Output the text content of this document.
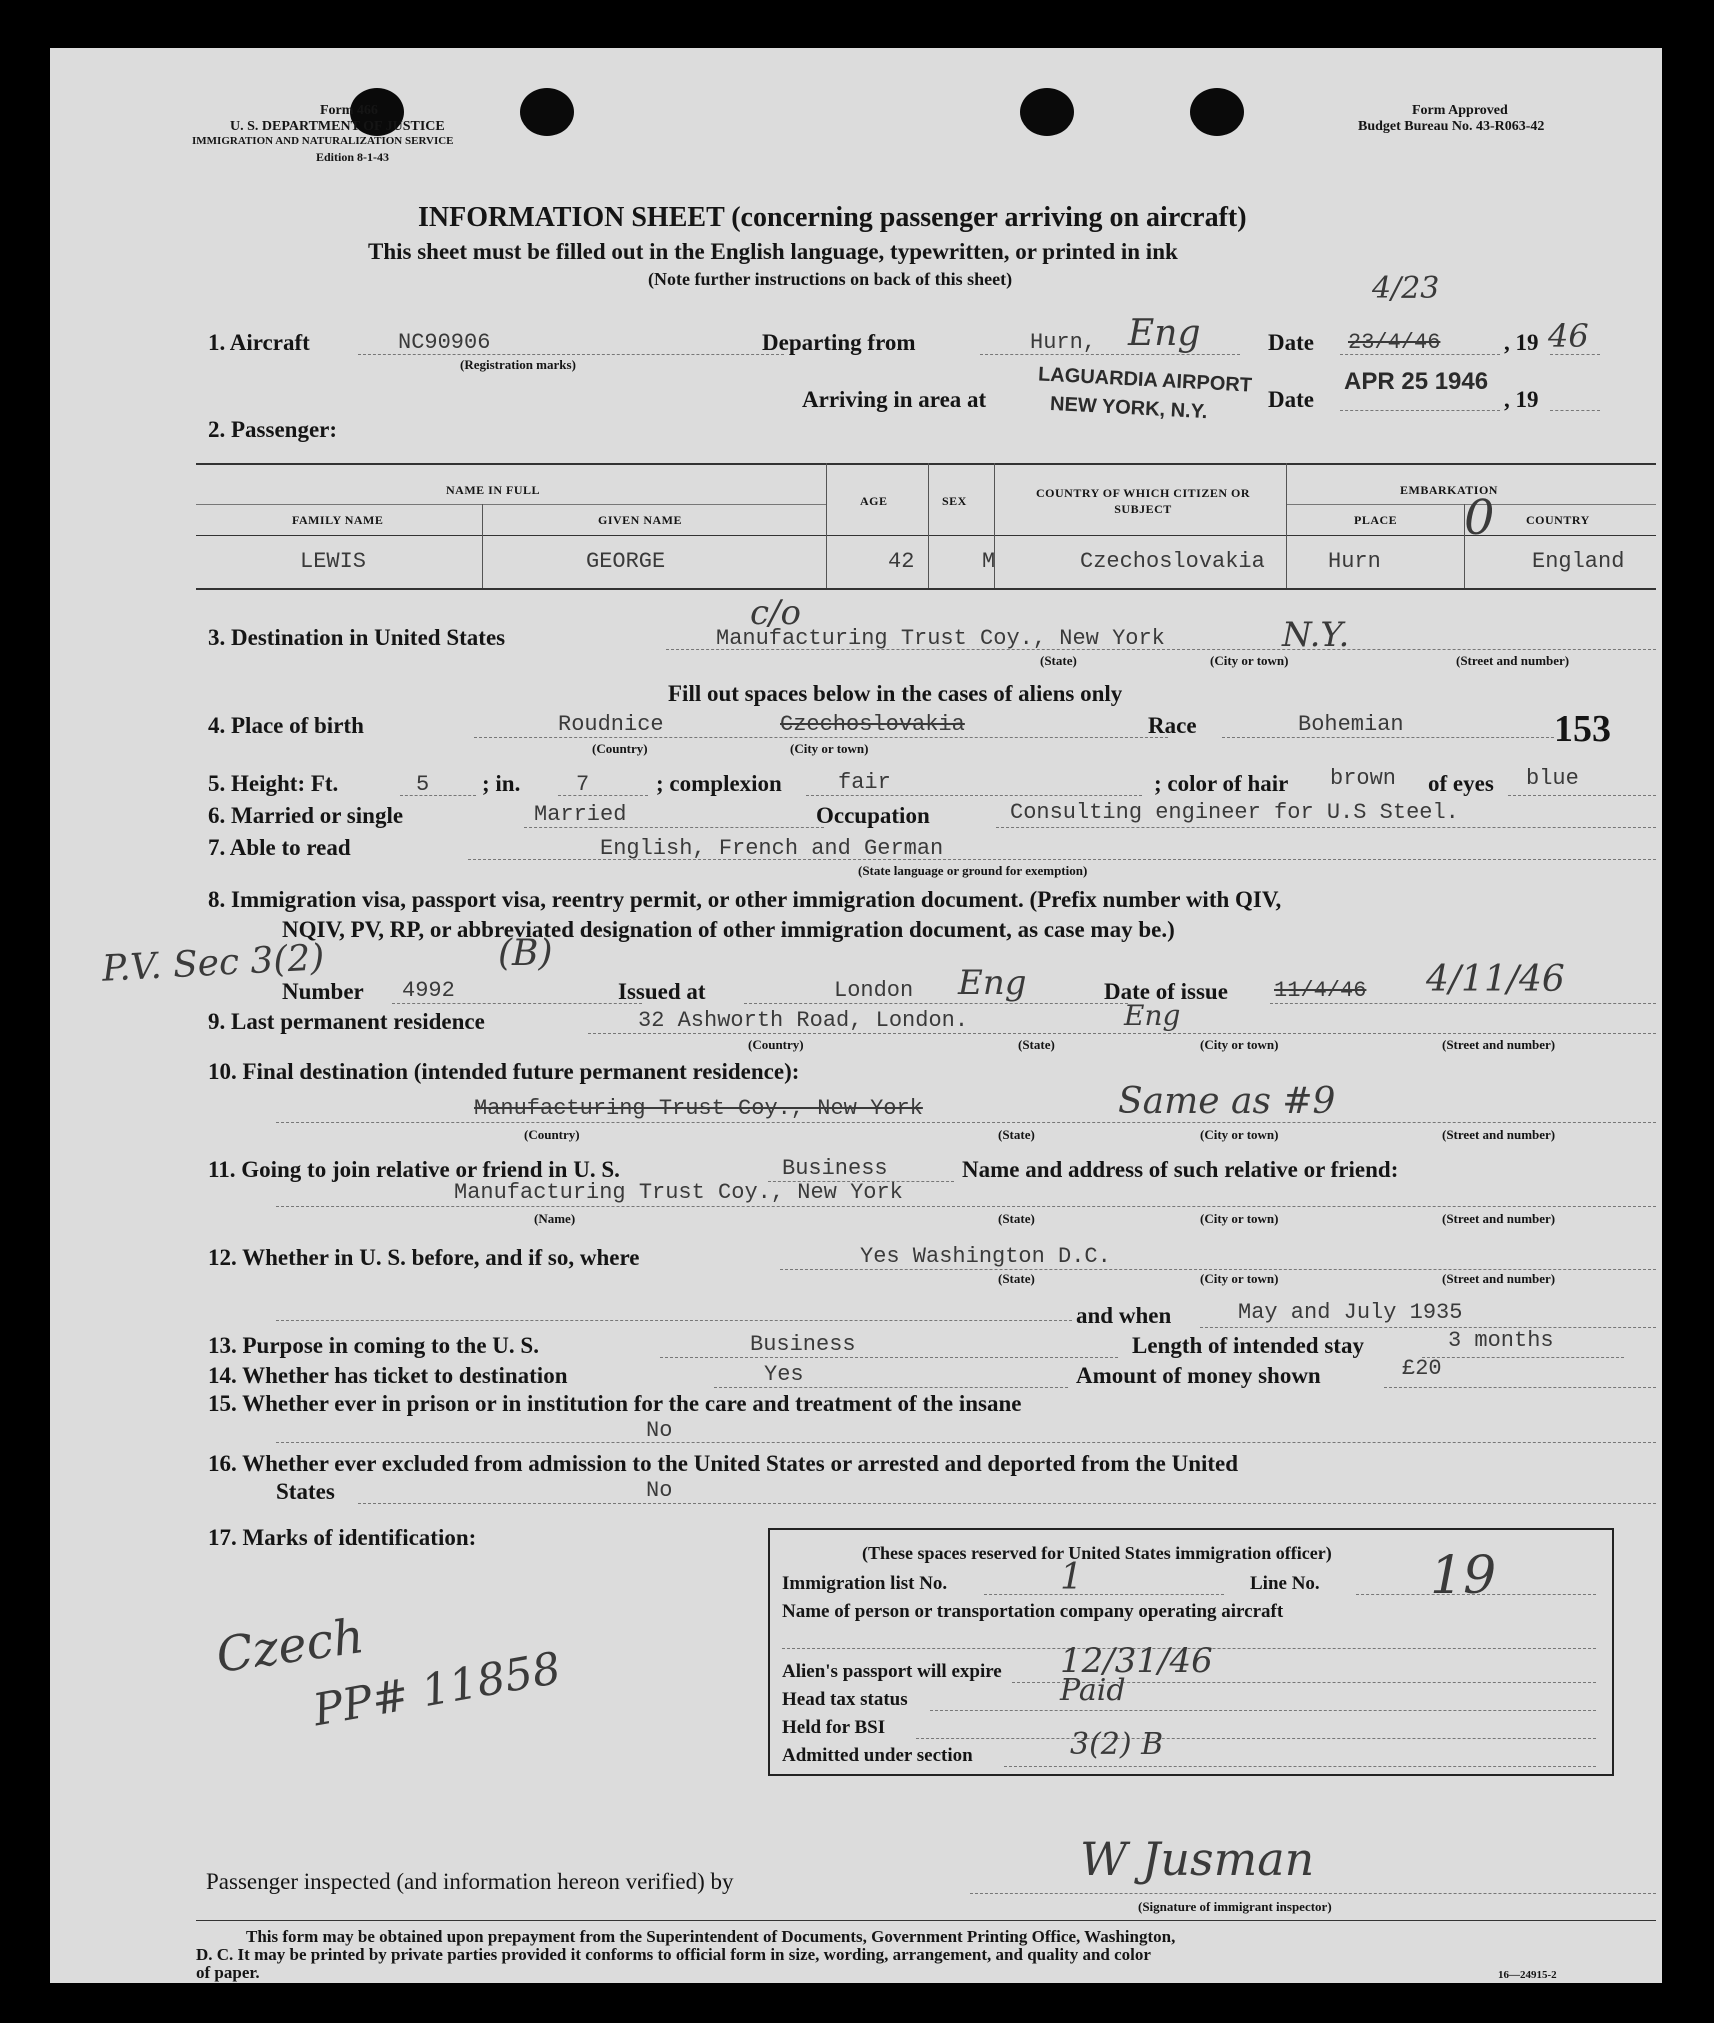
Form 466
U. S. DEPARTMENT OF JUSTICE
IMMIGRATION AND NATURALIZATION SERVICE
Edition 8-1-43
Form Approved
Budget Bureau No. 43-R063-42
INFORMATION SHEET (concerning passenger arriving on aircraft)
This sheet must be filled out in the English language, typewritten, or printed in ink
(Note further instructions on back of this sheet)
1. Aircraft	NC90906
(Registration marks)
Departing from	Hurn, Eng	Date
4/23
23/4/46	, 19 46
Arriving in area at
LAGUARDIA AIRPORT
NEW YORK, N.Y.	Date
APR 25 1946
, 19
2. Passenger:
NAME IN FULL
FAMILY NAME	GIVEN NAME
AGE	SEX
COUNTRY OF WHICH CITIZEN OR SUBJECT
EMBARKATION
PLACE	COUNTRY
LEWIS	GEORGE	42	M	Czechoslovakia	Hurn	England
0
3. Destination in United States
c/o
Manufacturing Trust Coy., New York	N.Y.
(State)	(City or town)	(Street and number)
Fill out spaces below in the cases of aliens only
4. Place of birth	Roudnice	Czechoslovakia
(Country)	(City or town)
Race	Bohemian	153
5. Height: Ft.	5 ; in.	7	; complexion	fair	; color of hair brown of eyes blue
6. Married or single	Married	Occupation	Consulting engineer for U.S Steel.
7. Able to read	English, French and German
(State language or ground for exemption)
8. Immigration visa, passport visa, reentry permit, or other immigration document. (Prefix number with QIV,
NQIV, PV, RP, or abbreviated designation of other immigration document, as case may be.)
P.V. Sec 3(2)	(B)
Number 4992	Issued at	London Eng	Date of issue 11/4/46 4/11/46
9. Last permanent residence	32 Ashworth Road, London.	Eng
(Country)	(State)	(City or town)	(Street and number)
10. Final destination (intended future permanent residence):
Manufacturing Trust Coy., New York	Same as #9
(Country)	(State)	(City or town)	(Street and number)
11. Going to join relative or friend in U. S.	Business	Name and address of such relative or friend:
Manufacturing Trust Coy., New York
(Name)	(State)	(City or town)	(Street and number)
12. Whether in U. S. before, and if so, where	Yes Washington D.C.
(State)	(City or town)	(Street and number)
and when	May and July 1935
13. Purpose in coming to the U. S.	Business	Length of intended stay	3 months
14. Whether has ticket to destination	Yes	Amount of money shown	£20
15. Whether ever in prison or in institution for the care and treatment of the insane
No
16. Whether ever excluded from admission to the United States or arrested and deported from the United
States	No
17. Marks of identification:
Czech
PP# 11858
(These spaces reserved for United States immigration officer)
Immigration list No.	1	Line No. 19
Name of person or transportation company operating aircraft
Alien's passport will expire 12/31/46
Head tax status	Paid
Held for BSI
Admitted under section	3(2) B
Passenger inspected (and information hereon verified) by	W Jusman
(Signature of immigrant inspector)
This form may be obtained upon prepayment from the Superintendent of Documents, Government Printing Office, Washington,
D. C. It may be printed by private parties provided it conforms to official form in size, wording, arrangement, and quality and color
of paper.	16—24915-2
